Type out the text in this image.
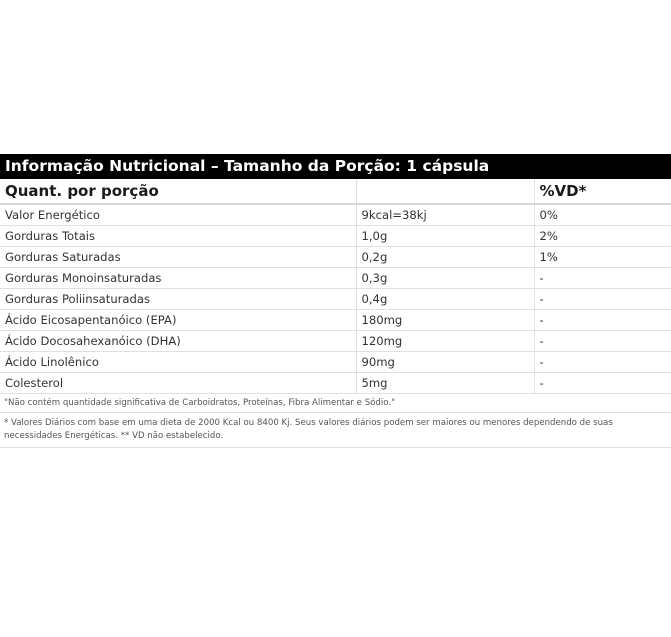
Informação Nutricional – Tamanho da Porção: 1 cápsula
Quant. por porção		%VD*
Valor Energético	9kcal=38kj	0%
Gorduras Totais	1,0g	2%
Gorduras Saturadas	0,2g	1%
Gorduras Monoinsaturadas	0,3g	-
Gorduras Poliinsaturadas	0,4g	-
Ácido Eicosapentanóico (EPA)	180mg	-
Ácido Docosahexanóico (DHA)	120mg	-
Ácido Linolênico	90mg	-
Colesterol	5mg	-
"Não contém quantidade significativa de Carboidratos, Proteínas, Fibra Alimentar e Sódio."
* Valores Diários com base em uma dieta de 2000 Kcal ou 8400 Kj. Seus valores diários podem ser maiores ou menores dependendo de suas necessidades Energéticas. ** VD não estabelecido.
